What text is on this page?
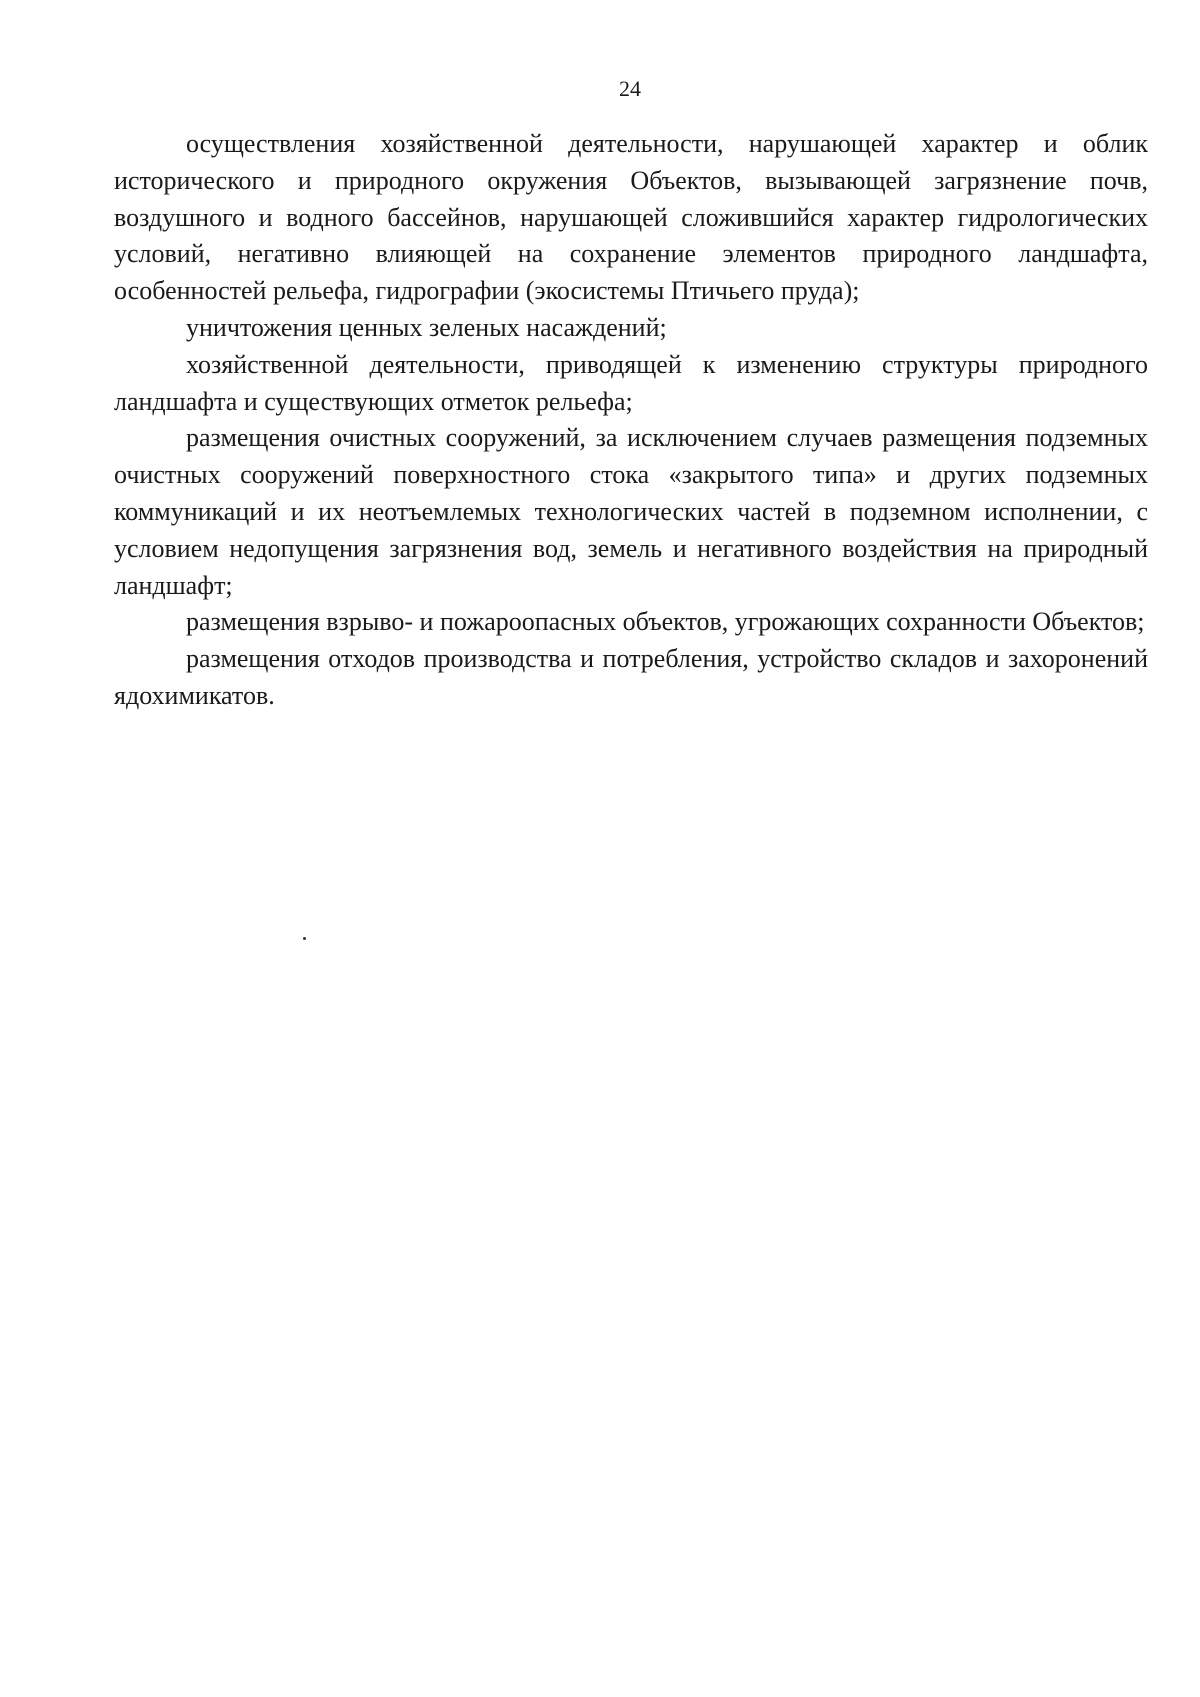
24

осуществления хозяйственной деятельности, нарушающей характер и облик исторического и природного окружения Объектов, вызывающей загрязнение почв, воздушного и водного бассейнов, нарушающей сложившийся характер гидрологических условий, негативно влияющей на сохранение элементов природного ландшафта, особенностей рельефа, гидрографии (экосистемы Птичьего пруда);

уничтожения ценных зеленых насаждений;

хозяйственной деятельности, приводящей к изменению структуры природного ландшафта и существующих отметок рельефа;

размещения очистных сооружений, за исключением случаев размещения подземных очистных сооружений поверхностного стока «закрытого типа» и других подземных коммуникаций и их неотъемлемых технологических частей в подземном исполнении, с условием недопущения загрязнения вод, земель и негативного воздействия на природный ландшафт;

размещения взрыво- и пожароопасных объектов, угрожающих сохранности Объектов;

размещения отходов производства и потребления, устройство складов и захоронений ядохимикатов.
